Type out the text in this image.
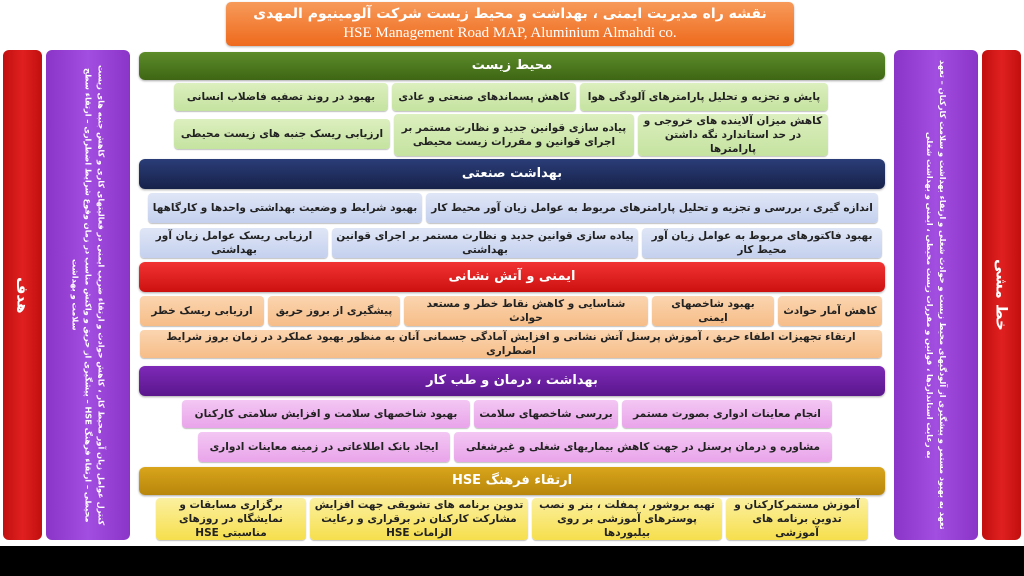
نقشه راه مدیریت ایمنی ، بهداشت و محیط زیست شرکت آلومینیوم المهدی
HSE Management Road MAP, Aluminium Almahdi co.
هدف	کنترل عوامل زیان آور محیط کار ، کاهش حوادث و ارتقاء ضریب ایمنی در فعالیتهای کاری و کاهش جنبه های زیست محیطی – ارتقاء فرهنگ HSE – پیشگیری از حریق و واکنش مناسب در زمان وقوع شرایط اضطراری – ارتقاء سطح سلامت و بهداشت	تعهد به بهبود مستمر و پیشگیری از آلودگیهای محیط زیست و حوادث شغلی و ارتقاء بهداشت و سلامت کارکنان – تعهد به رعایت استانداردها ، قوانین و مقررات زیست محیطی ، ایمنی و بهداشت شغلی	خط مشی
محیط زیست
پایش و تجزیه و تحلیل پارامترهای آلودگی هوا
کاهش پسماندهای صنعتی و عادی
بهبود در روند تصفیه فاضلاب انسانی
کاهش میزان آلاینده های خروجی و در حد استاندارد نگه داشتن پارامترها
پیاده سازی قوانین جدید و نظارت مستمر بر اجرای قوانین و مقررات زیست محیطی
ارزیابی ریسک جنبه های زیست محیطی
بهداشت صنعتی
اندازه گیری ، بررسی و تجزیه و تحلیل پارامترهای مربوط به عوامل زیان آور محیط کار
بهبود شرایط و وضعیت بهداشتی واحدها و کارگاهها
بهبود فاکتورهای مربوط به عوامل زیان آور محیط کار
پیاده سازی قوانین جدید و نظارت مستمر بر اجرای قوانین بهداشتی
ارزیابی ریسک عوامل زیان آور بهداشتی
ایمنی و آتش نشانی
کاهش آمار حوادث
بهبود شاخصهای ایمنی
شناسایی و کاهش نقاط خطر و مستعد حوادث
پیشگیری از بروز حریق
ارزیابی ریسک خطر
ارتقاء تجهیزات اطفاء حریق ، آموزش پرسنل آتش نشانی و افزایش آمادگی جسمانی آنان به منظور بهبود عملکرد در زمان بروز شرایط اضطراری
بهداشت ، درمان و طب کار
انجام معاینات ادواری بصورت مستمر
بررسی شاخصهای سلامت
بهبود شاخصهای سلامت و افزایش سلامتی کارکنان
مشاوره و درمان پرسنل در جهت کاهش بیماریهای شغلی و غیرشغلی
ایجاد بانک اطلاعاتی در زمینه معاینات ادواری
ارتقاء فرهنگ HSE
آموزش مستمرکارکنان و تدوین برنامه های آموزشی
تهیه بروشور ، پمفلت ، بنر و نصب پوسترهای آموزشی بر روی بیلبوردها
تدوین برنامه های تشویقی جهت افزایش مشارکت کارکنان در برقراری و رعایت الزامات HSE
برگزاری مسابقات و نمایشگاه در روزهای مناسبتی HSE
